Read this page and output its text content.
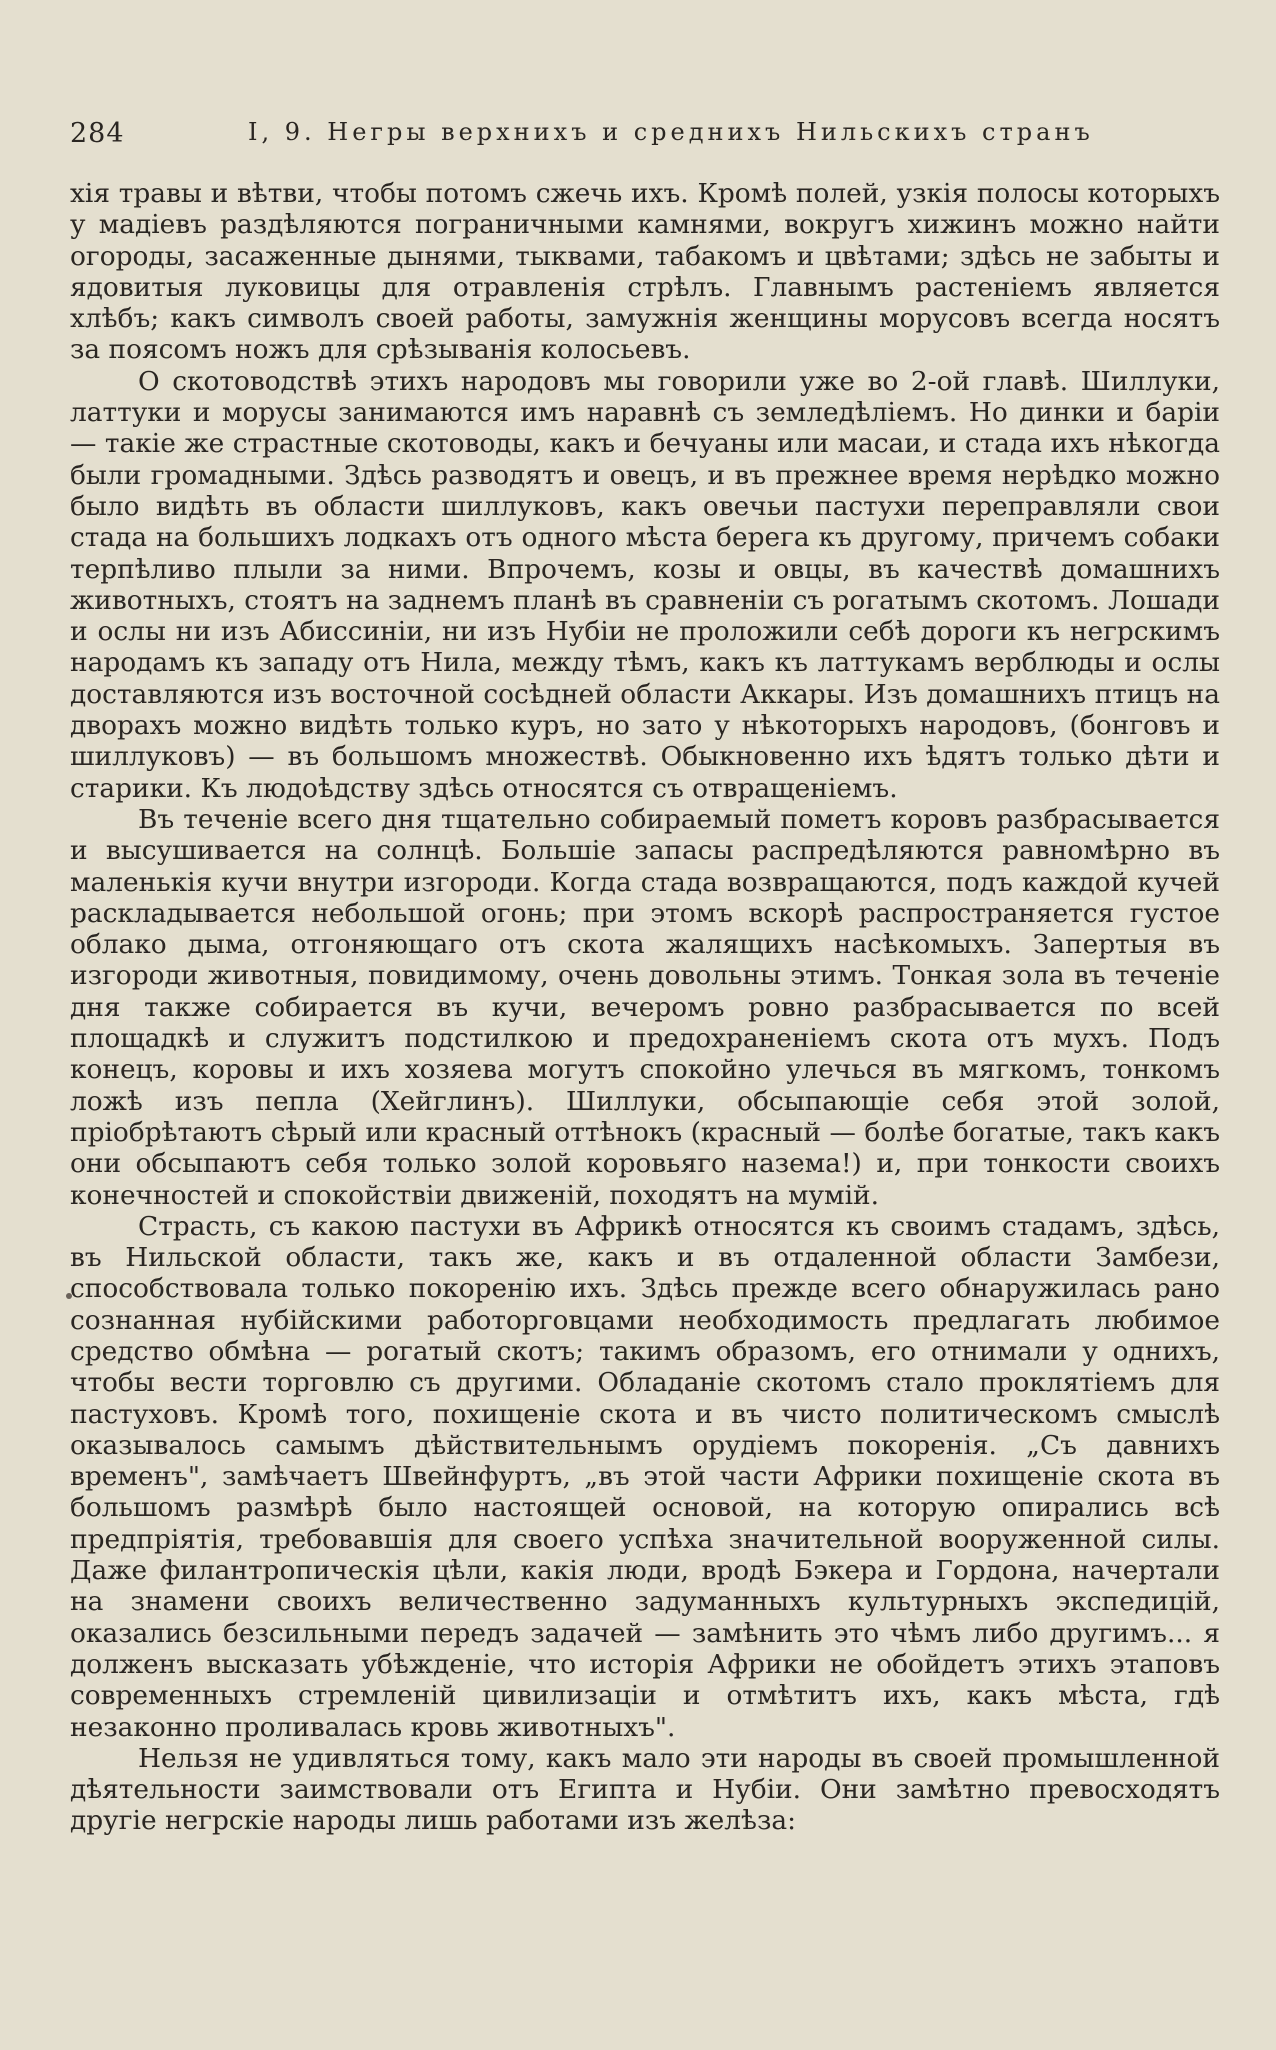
284	I, 9. Негры верхнихъ и среднихъ Нильскихъ странъ

хія травы и вѣтви, чтобы потомъ сжечь ихъ. Кромѣ полей, узкія полосы которыхъ у мадіевъ раздѣляются пограничными камнями, вокругъ хижинъ можно найти огороды, засаженные дынями, тыквами, табакомъ и цвѣтами; здѣсь не забыты и ядовитыя луковицы для отравленія стрѣлъ. Главнымъ растеніемъ является хлѣбъ; какъ символъ своей работы, замужнія женщины морусовъ всегда носятъ за поясомъ ножъ для срѣзыванія колосьевъ.

О скотоводствѣ этихъ народовъ мы говорили уже во 2-ой главѣ. Шиллуки, латтуки и морусы занимаются имъ наравнѣ съ земледѣліемъ. Но динки и баріи — такіе же страстные скотоводы, какъ и бечуаны или масаи, и стада ихъ нѣкогда были громадными. Здѣсь разводятъ и овецъ, и въ прежнее время нерѣдко можно было видѣть въ области шиллуковъ, какъ овечьи пастухи переправляли свои стада на большихъ лодкахъ отъ одного мѣста берега къ другому, причемъ собаки терпѣливо плыли за ними. Впрочемъ, козы и овцы, въ качествѣ домашнихъ животныхъ, стоятъ на заднемъ планѣ въ сравненіи съ рогатымъ скотомъ. Лошади и ослы ни изъ Абиссиніи, ни изъ Нубіи не проложили себѣ дороги къ негрскимъ народамъ къ западу отъ Нила, между тѣмъ, какъ къ латтукамъ верблюды и ослы доставляются изъ восточной сосѣдней области Аккары. Изъ домашнихъ птицъ на дворахъ можно видѣть только куръ, но зато у нѣкоторыхъ народовъ, (бонговъ и шиллуковъ) — въ большомъ множествѣ. Обыкновенно ихъ ѣдятъ только дѣти и старики. Къ людоѣдству здѣсь относятся съ отвращеніемъ.

Въ теченіе всего дня тщательно собираемый пометъ коровъ разбрасывается и высушивается на солнцѣ. Большіе запасы распредѣляются равномѣрно въ маленькія кучи внутри изгороди. Когда стада возвращаются, подъ каждой кучей раскладывается небольшой огонь; при этомъ вскорѣ распространяется густое облако дыма, отгоняющаго отъ скота жалящихъ насѣкомыхъ. Запертыя въ изгороди животныя, повидимому, очень довольны этимъ. Тонкая зола въ теченіе дня также собирается въ кучи, вечеромъ ровно разбрасывается по всей площадкѣ и служитъ подстилкою и предохраненіемъ скота отъ мухъ. Подъ конецъ, коровы и ихъ хозяева могутъ спокойно улечься въ мягкомъ, тонкомъ ложѣ изъ пепла (Хейглинъ). Шиллуки, обсыпающіе себя этой золой, пріобрѣтаютъ сѣрый или красный оттѣнокъ (красный — болѣе богатые, такъ какъ они обсыпаютъ себя только золой коровьяго назема!) и, при тонкости своихъ конечностей и спокойствіи движеній, походятъ на мумій.

Страсть, съ какою пастухи въ Африкѣ относятся къ своимъ стадамъ, здѣсь, въ Нильской области, такъ же, какъ и въ отдаленной области Замбези, способствовала только покоренію ихъ. Здѣсь прежде всего обнаружилась рано сознанная нубійскими работорговцами необходимость предлагать любимое средство обмѣна — рогатый скотъ; такимъ образомъ, его отнимали у однихъ, чтобы вести торговлю съ другими. Обладаніе скотомъ стало проклятіемъ для пастуховъ. Кромѣ того, похищеніе скота и въ чисто политическомъ смыслѣ оказывалось самымъ дѣйствительнымъ орудіемъ покоренія. „Съ давнихъ временъ", замѣчаетъ Швейнфуртъ, „въ этой части Африки похищеніе скота въ большомъ размѣрѣ было настоящей основой, на которую опирались всѣ предпріятія, требовавшія для своего успѣха значительной вооруженной силы. Даже филантропическія цѣли, какія люди, вродѣ Бэкера и Гордона, начертали на знамени своихъ величественно задуманныхъ культурныхъ экспедицій, оказались безсильными передъ задачей — замѣнить это чѣмъ либо другимъ... я долженъ высказать убѣжденіе, что исторія Африки не обойдетъ этихъ этаповъ современныхъ стремленій цивилизаціи и отмѣтитъ ихъ, какъ мѣста, гдѣ незаконно проливалась кровь животныхъ".

Нельзя не удивляться тому, какъ мало эти народы въ своей промышленной дѣятельности заимствовали отъ Египта и Нубіи. Они замѣтно превосходятъ другіе негрскіе народы лишь работами изъ желѣза:
